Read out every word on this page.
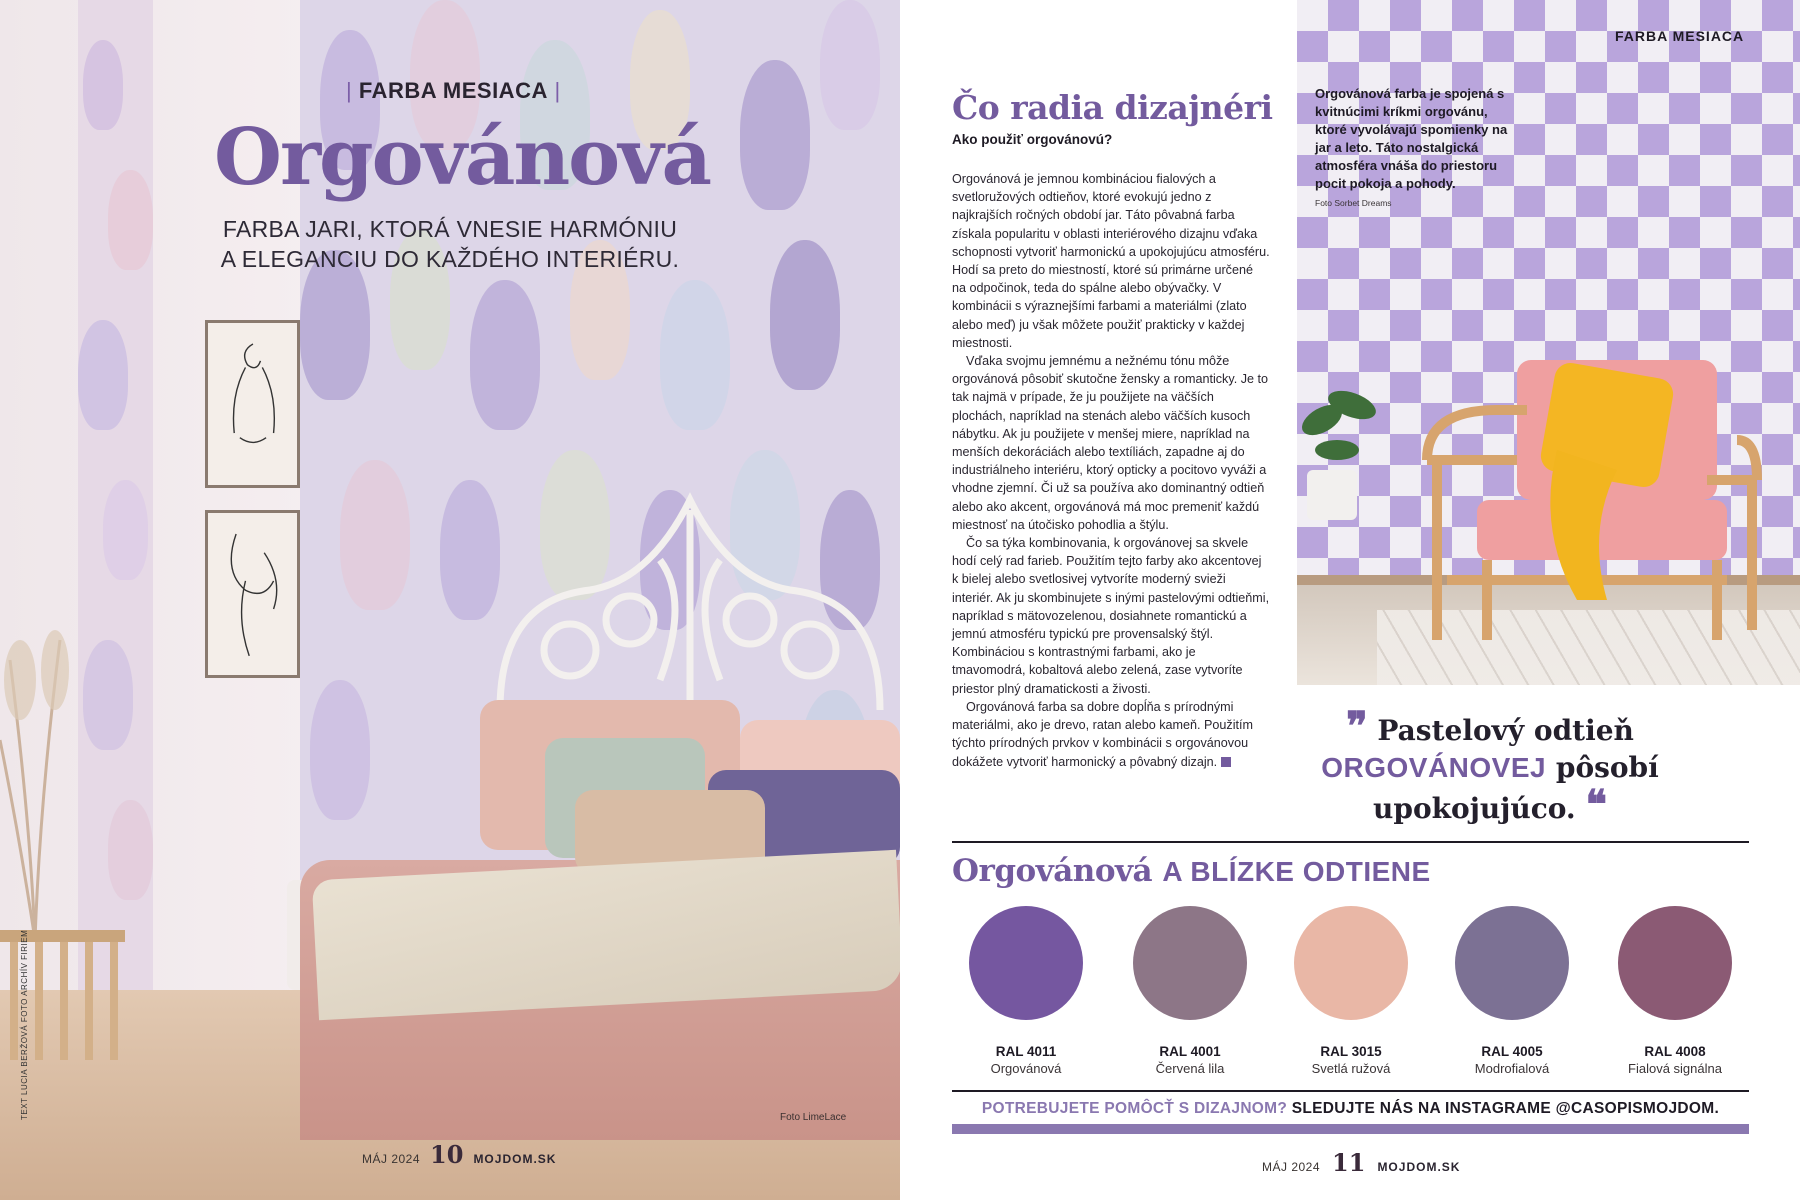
| FARBA MESIACA |
Orgovánová
FARBA JARI, KTORÁ VNESIE HARMÓNIU
A ELEGANCIU DO KAŽDÉHO INTERIÉRU.
TEXT LUCIA BERŽOVÁ FOTO ARCHÍV FIRIEM	Foto LimeLace
MÁJ 2024 10 MOJDOM.SK
FARBA MESIACA
Orgovánová farba je spojená s kvitnúcimi kríkmi orgovánu, ktoré vyvolávajú spomienky na jar a leto. Táto nostalgická atmosféra vnáša do priestoru pocit pokoja a pohody.
Foto Sorbet Dreams
Čo radia dizajnéri
Ako použiť orgovánovú?

Orgovánová je jemnou kombináciou fialových a svetloružových odtieňov, ktoré evokujú jedno z najkrajších ročných období jar. Táto pôvabná farba získala popularitu v oblasti interiérového dizajnu vďaka schopnosti vytvoriť harmonickú a upokojujúcu atmosféru. Hodí sa preto do miestností, ktoré sú primárne určené na odpočinok, teda do spálne alebo obývačky. V kombinácii s výraznejšími farbami a materiálmi (zlato alebo meď) ju však môžete použiť prakticky v každej miestnosti.

Vďaka svojmu jemnému a nežnému tónu môže orgovánová pôsobiť skutočne žensky a romanticky. Je to tak najmä v prípade, že ju použijete na väčších plochách, napríklad na stenách alebo väčších kusoch nábytku. Ak ju použijete v menšej miere, napríklad na menších dekoráciách alebo textíliách, zapadne aj do industriálneho interiéru, ktorý opticky a pocitovo vyváži a vhodne zjemní. Či už sa používa ako dominantný odtieň alebo ako akcent, orgovánová má moc premeniť každú miestnosť na útočisko pohodlia a štýlu.

Čo sa týka kombinovania, k orgovánovej sa skvele hodí celý rad farieb. Použitím tejto farby ako akcentovej k bielej alebo svetlosivej vytvoríte moderný svieži interiér. Ak ju skombinujete s inými pastelovými odtieňmi, napríklad s mätovozelenou, dosiahnete romantickú a jemnú atmosféru typickú pre provensalský štýl. Kombináciou s kontrastnými farbami, ako je tmavomodrá, kobaltová alebo zelená, zase vytvoríte priestor plný dramatickosti a živosti.

Orgovánová farba sa dobre dopĺňa s prírodnými materiálmi, ako je drevo, ratan alebo kameň. Použitím týchto prírodných prvkov v kombinácii s orgovánovou dokážete vytvoriť harmonický a pôvabný dizajn.

❞ Pastelový odtieň
ORGOVÁNOVEJ pôsobí
upokojujúco. ❝
Orgovánová A BLÍZKE ODTIENE
RAL 4011
Orgovánová
RAL 4001
Červená lila
RAL 3015
Svetlá ružová
RAL 4005
Modrofialová
RAL 4008
Fialová signálna
POTREBUJETE POMÔCŤ S DIZAJNOM? SLEDUJTE NÁS NA INSTAGRAME @CASOPISMOJDOM.
MÁJ 2024 11 MOJDOM.SK
